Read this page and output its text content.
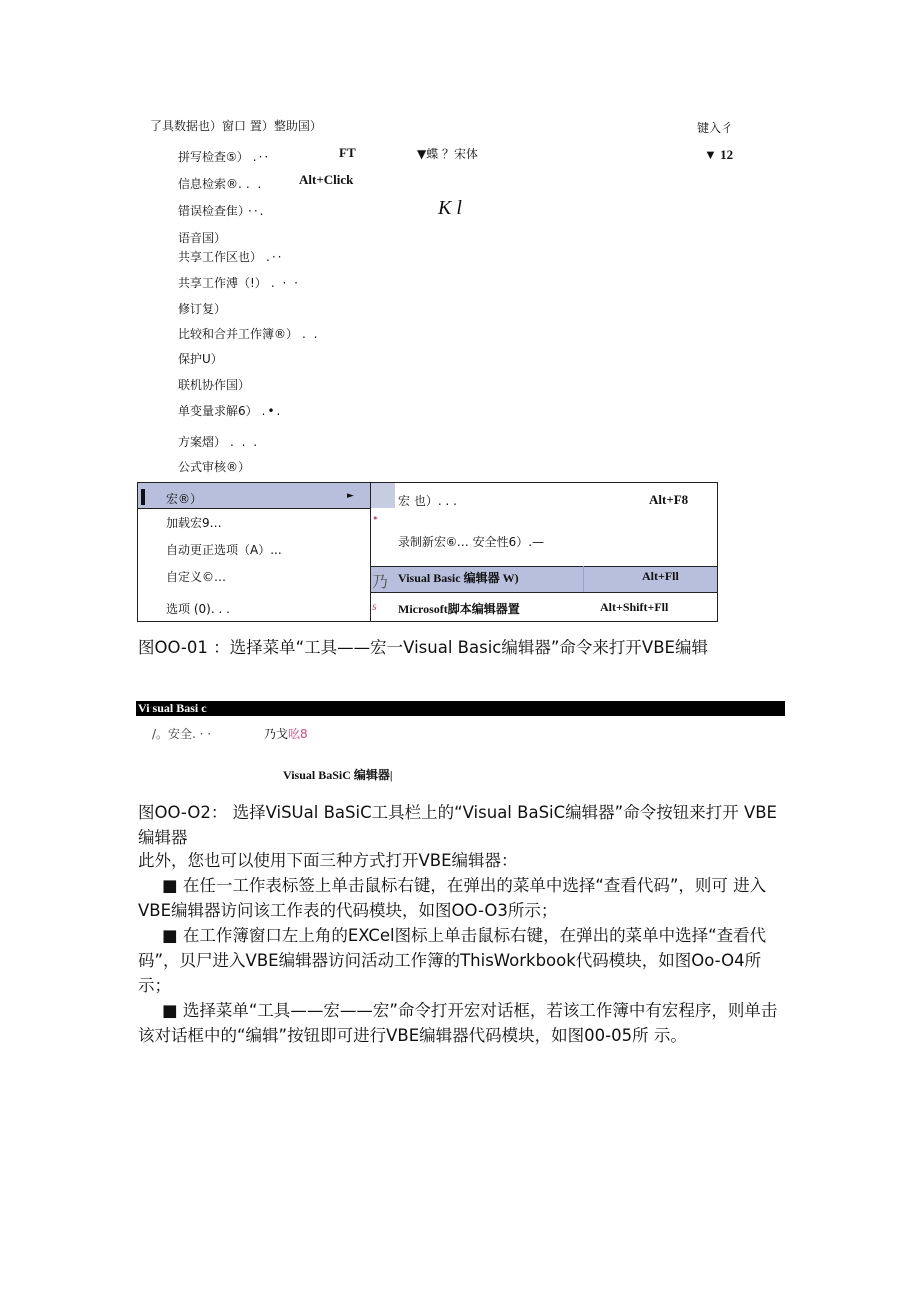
了具数据也）窗口 置）整助国）	键入彳
FT	▼蝶 ？宋体	▼ 12
Alt+Click
K l
拼写检查⑤） .··
信息检索®. . .
错误检查隹） ··.
语音国）
共享工作区也） .··
共享工作溥（!） . · ·
修订复）
比较和合并工作簿®） . .
保护U）
联机协作国）
单变量求解6） .•.
方案熠） . . .
公式审核®）
宏®）	►
加载宏9…
自动更正选项（A）...
自定义©…
选项 (0). . .
宏 也）. . .	Alt+F8
•
录制新宏⑥… 安全性6）.—
乃 Visual Basic 编辑器 W)	Alt+Fll
s Microsoft脚本编辑器置	Alt+Shift+Fll
图OO-01 ：选择菜单“工具——宏一Visual Basic编辑器”命令来打开VBE编辑
Vi sual Basi c
/。安全. · ·	乃戈吆8
Visual BaSiC 编辑器|
图OO-O2： 选择ViSUal BaSiC工具栏上的“Visual BaSiC编辑器”命令按钮来打开 VBE编辑器

此外，您也可以使用下面三种方式打开VBE编辑器：

■ 在任一工作表标签上单击鼠标右键，在弹出的菜单中选择“查看代码”，则可 进入VBE编辑器访问该工作表的代码模块，如图OO-O3所示；

■ 在工作簿窗口左上角的EXCel图标上单击鼠标右键，在弹出的菜单中选择“查看代码”，贝尸进入VBE编辑器访问活动工作簿的ThisWorkbook代码模块，如图Oo-O4所示；

■ 选择菜单“工具——宏——宏”命令打开宏对话框，若该工作簿中有宏程序，则单击该对话框中的“编辑”按钮即可进行VBE编辑器代码模块，如图00-05所 示。
